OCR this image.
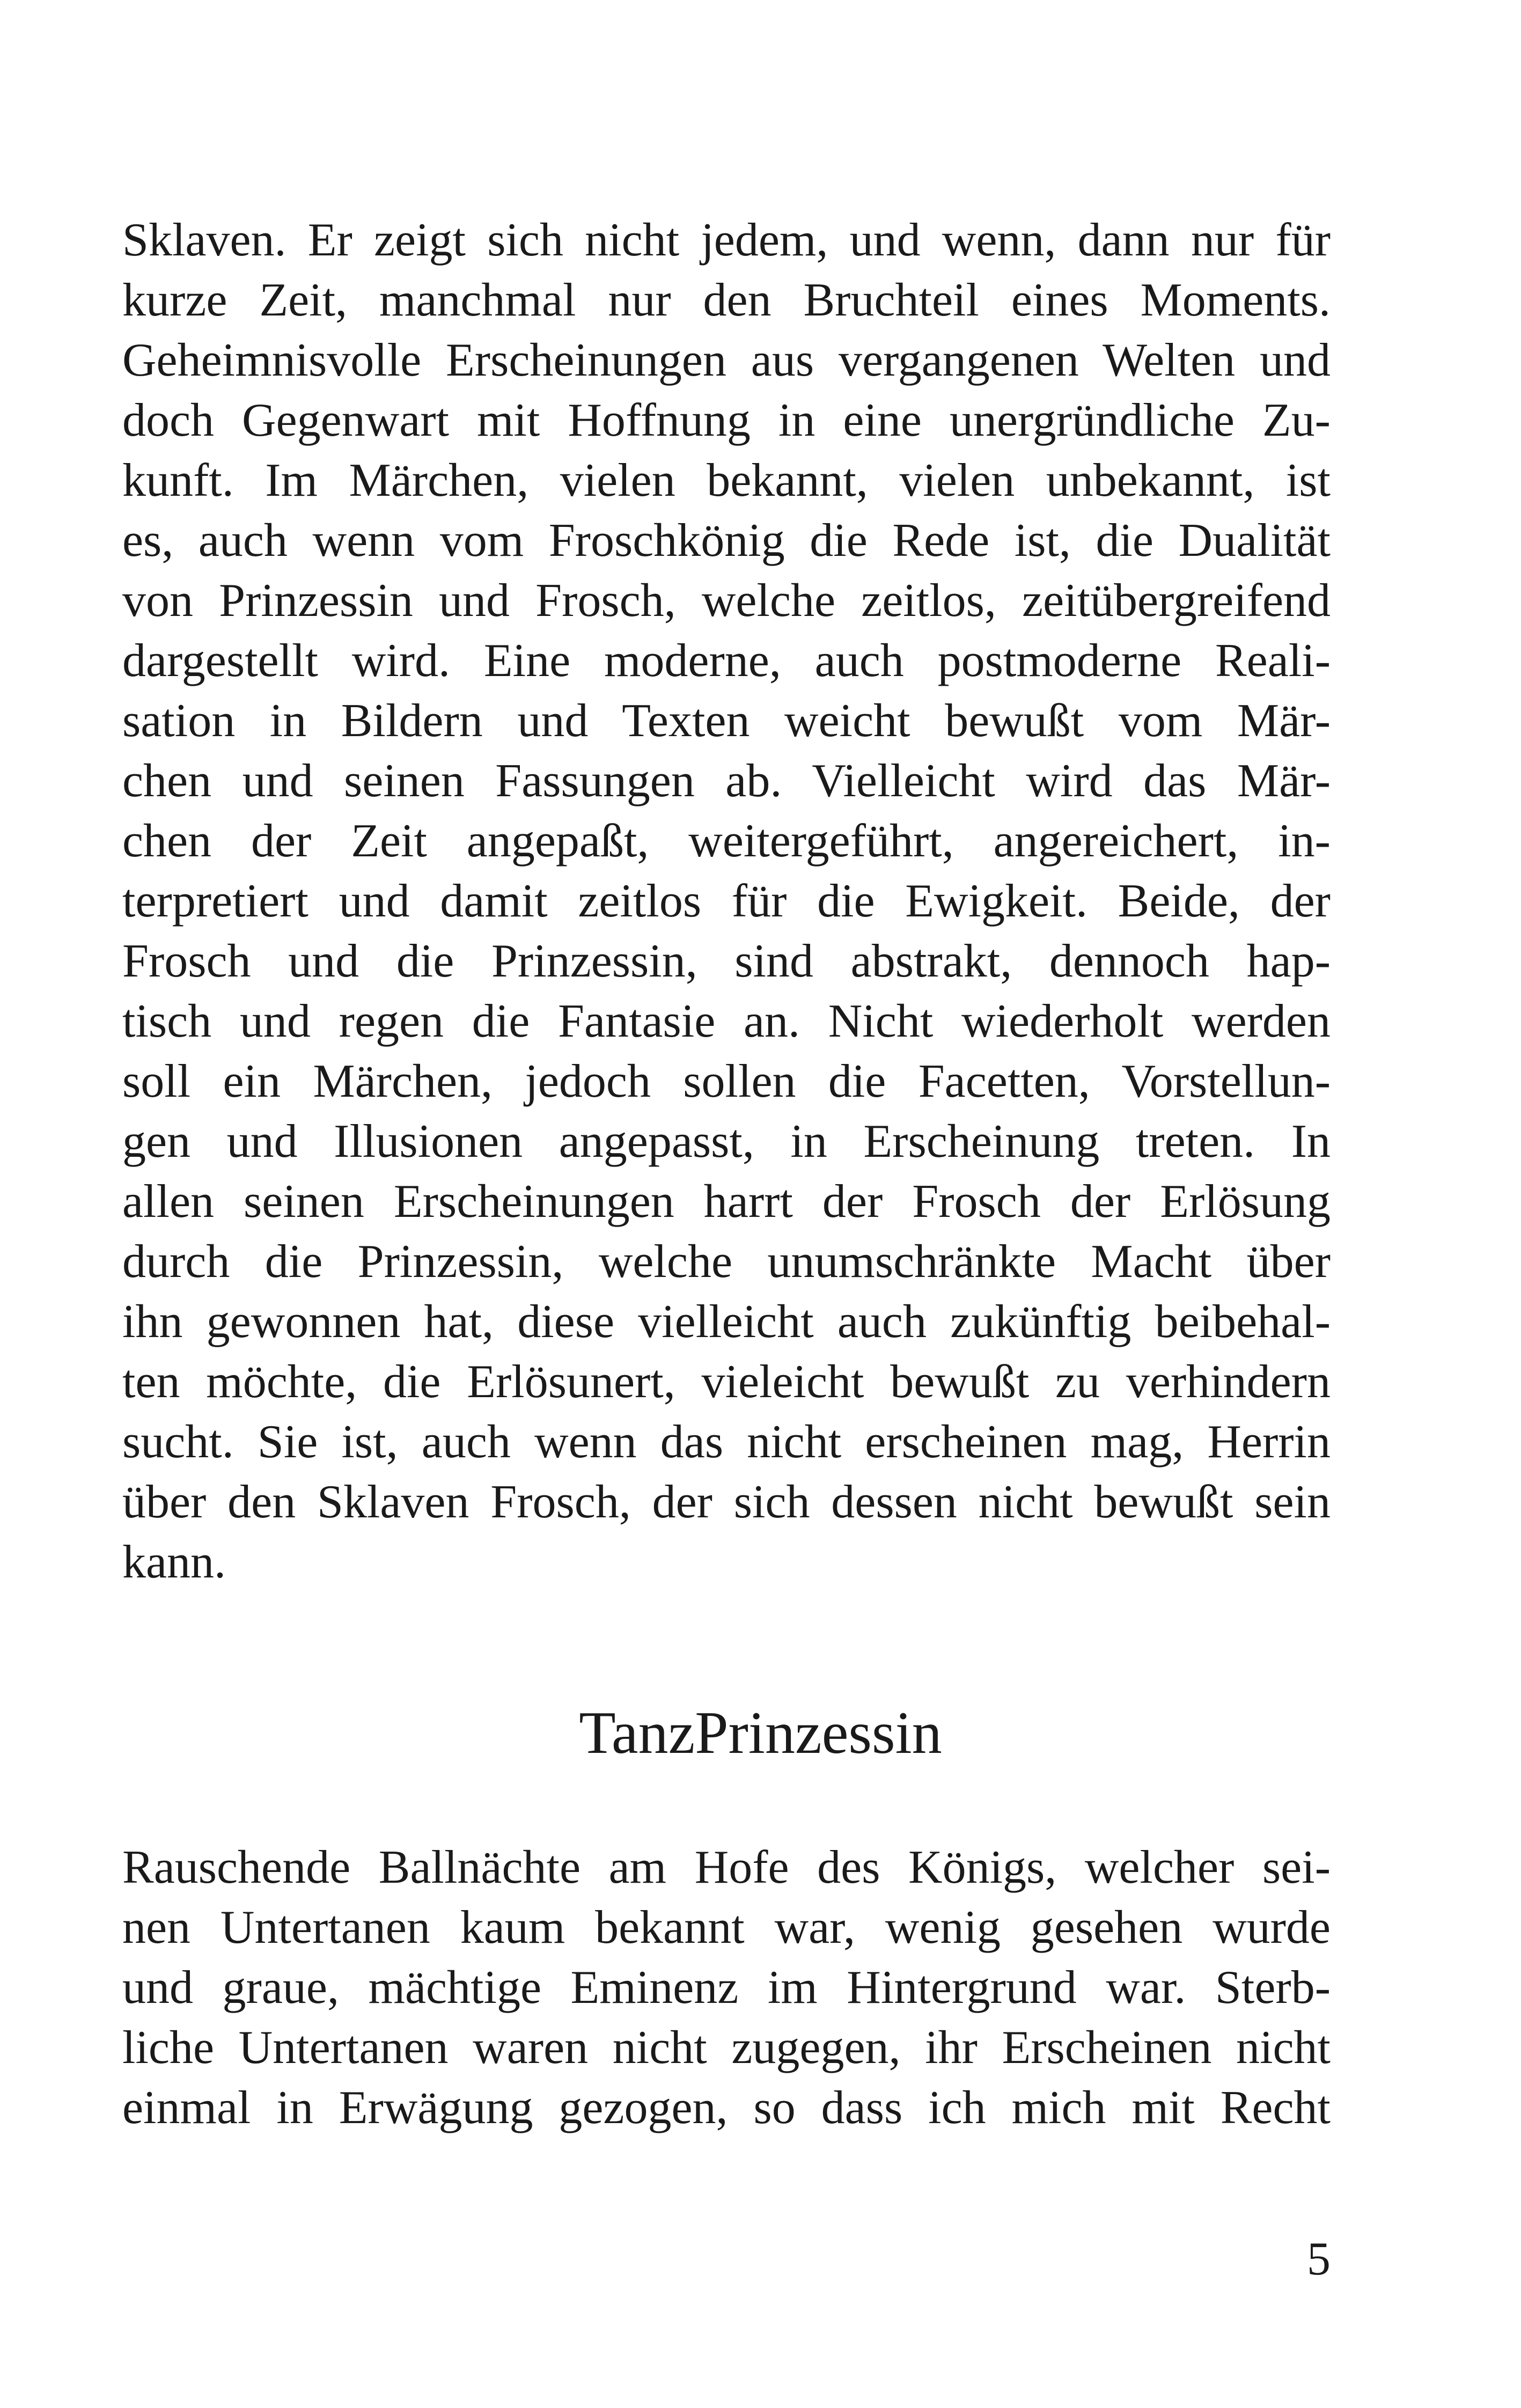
Sklaven. Er zeigt sich nicht jedem, und wenn, dann nur für
kurze Zeit, manchmal nur den Bruchteil eines Moments.
Geheimnisvolle Erscheinungen aus vergangenen Welten und
doch Gegenwart mit Hoffnung in eine unergründliche Zu-
kunft. Im Märchen, vielen bekannt, vielen unbekannt, ist
es, auch wenn vom Froschkönig die Rede ist, die Dualität
von Prinzessin und Frosch, welche zeitlos, zeitübergreifend
dargestellt wird. Eine moderne, auch postmoderne Reali-
sation in Bildern und Texten weicht bewußt vom Mär-
chen und seinen Fassungen ab. Vielleicht wird das Mär-
chen der Zeit angepaßt, weitergeführt, angereichert, in-
terpretiert und damit zeitlos für die Ewigkeit. Beide, der
Frosch und die Prinzessin, sind abstrakt, dennoch hap-
tisch und regen die Fantasie an. Nicht wiederholt werden
soll ein Märchen, jedoch sollen die Facetten, Vorstellun-
gen und Illusionen angepasst, in Erscheinung treten. In
allen seinen Erscheinungen harrt der Frosch der Erlösung
durch die Prinzessin, welche unumschränkte Macht über
ihn gewonnen hat, diese vielleicht auch zukünftig beibehal-
ten möchte, die Erlösunert, vieleicht bewußt zu verhindern
sucht. Sie ist, auch wenn das nicht erscheinen mag, Herrin
über den Sklaven Frosch, der sich dessen nicht bewußt sein
kann.
TanzPrinzessin
Rauschende Ballnächte am Hofe des Königs, welcher sei-
nen Untertanen kaum bekannt war, wenig gesehen wurde
und graue, mächtige Eminenz im Hintergrund war. Sterb-
liche Untertanen waren nicht zugegen, ihr Erscheinen nicht
einmal in Erwägung gezogen, so dass ich mich mit Recht
5
